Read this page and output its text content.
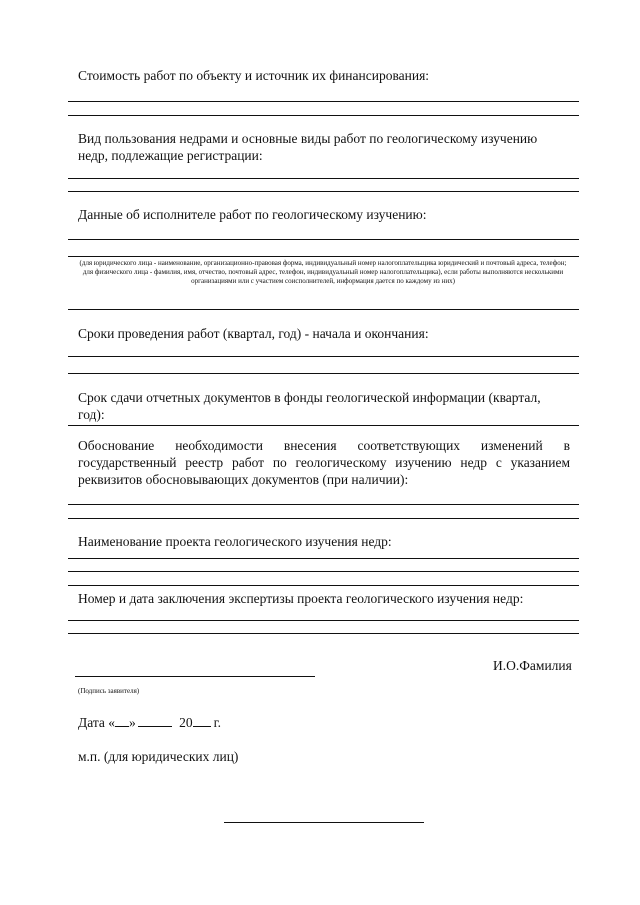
Стоимость работ по объекту и источник их финансирования:
Вид пользования недрами и основные виды работ по геологическому изучению недр, подлежащие регистрации:
Данные об исполнителе работ по геологическому изучению:
(для юридического лица - наименование, организационно-правовая форма, индивидуальный номер налогоплательщика юридический и почтовый адреса, телефон; для физического лица - фамилия, имя, отчество, почтовый адрес, телефон, индивидуальный номер налогоплательщика), если работы выполняются несколькими организациями или с участием соисполнителей, информация дается по каждому из них)
Сроки проведения работ (квартал, год) - начала и окончания:
Срок сдачи отчетных документов в фонды геологической информации (квартал, год):
Обоснование необходимости внесения соответствующих изменений в государственный реестр работ по геологическому изучению недр с указанием реквизитов обосновывающих документов (при наличии):
Наименование проекта геологического изучения недр:
Номер и дата заключения экспертизы проекта геологического изучения недр:
И.О.Фамилия
(Подпись заявителя)
Дата « »	20 г.
м.п. (для юридических лиц)
